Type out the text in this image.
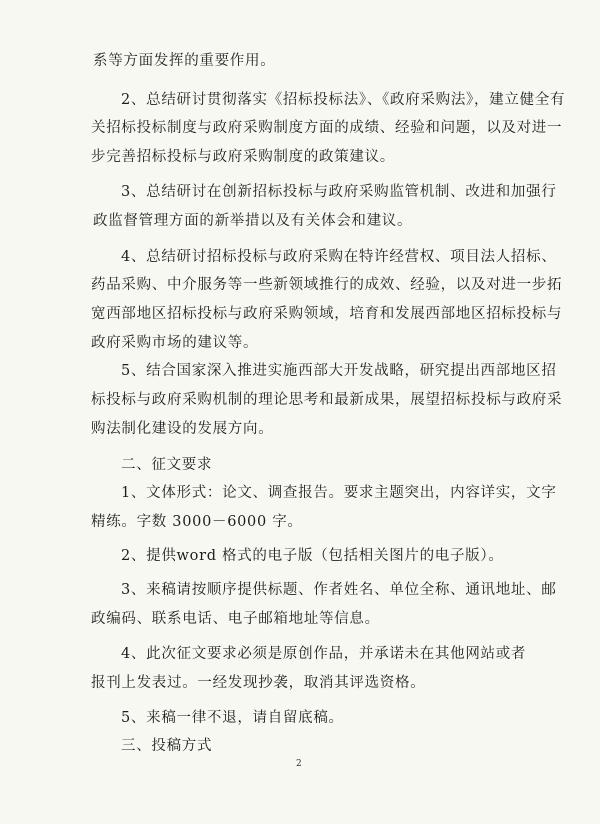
系等方面发挥的重要作用。
2、总结研讨贯彻落实《招标投标法》、《政府采购法》，建立健全有
关招标投标制度与政府采购制度方面的成绩、经验和问题，以及对进一
步完善招标投标与政府采购制度的政策建议。
3、总结研讨在创新招标投标与政府采购监管机制、改进和加强行
政监督管理方面的新举措以及有关体会和建议。
4、总结研讨招标投标与政府采购在特许经营权、项目法人招标、
药品采购、中介服务等一些新领域推行的成效、经验，以及对进一步拓
宽西部地区招标投标与政府采购领域，培育和发展西部地区招标投标与
政府采购市场的建议等。
5、结合国家深入推进实施西部大开发战略，研究提出西部地区招
标投标与政府采购机制的理论思考和最新成果，展望招标投标与政府采
购法制化建设的发展方向。
二、征文要求
1、文体形式：论文、调查报告。要求主题突出，内容详实，文字
精练。字数 3000－6000 字。
2、提供word 格式的电子版（包括相关图片的电子版）。
3、来稿请按顺序提供标题、作者姓名、单位全称、通讯地址、邮
政编码、联系电话、电子邮箱地址等信息。
4、此次征文要求必须是原创作品，并承诺未在其他网站或者
报刊上发表过。一经发现抄袭，取消其评选资格。
5、来稿一律不退，请自留底稿。
三、投稿方式
2
